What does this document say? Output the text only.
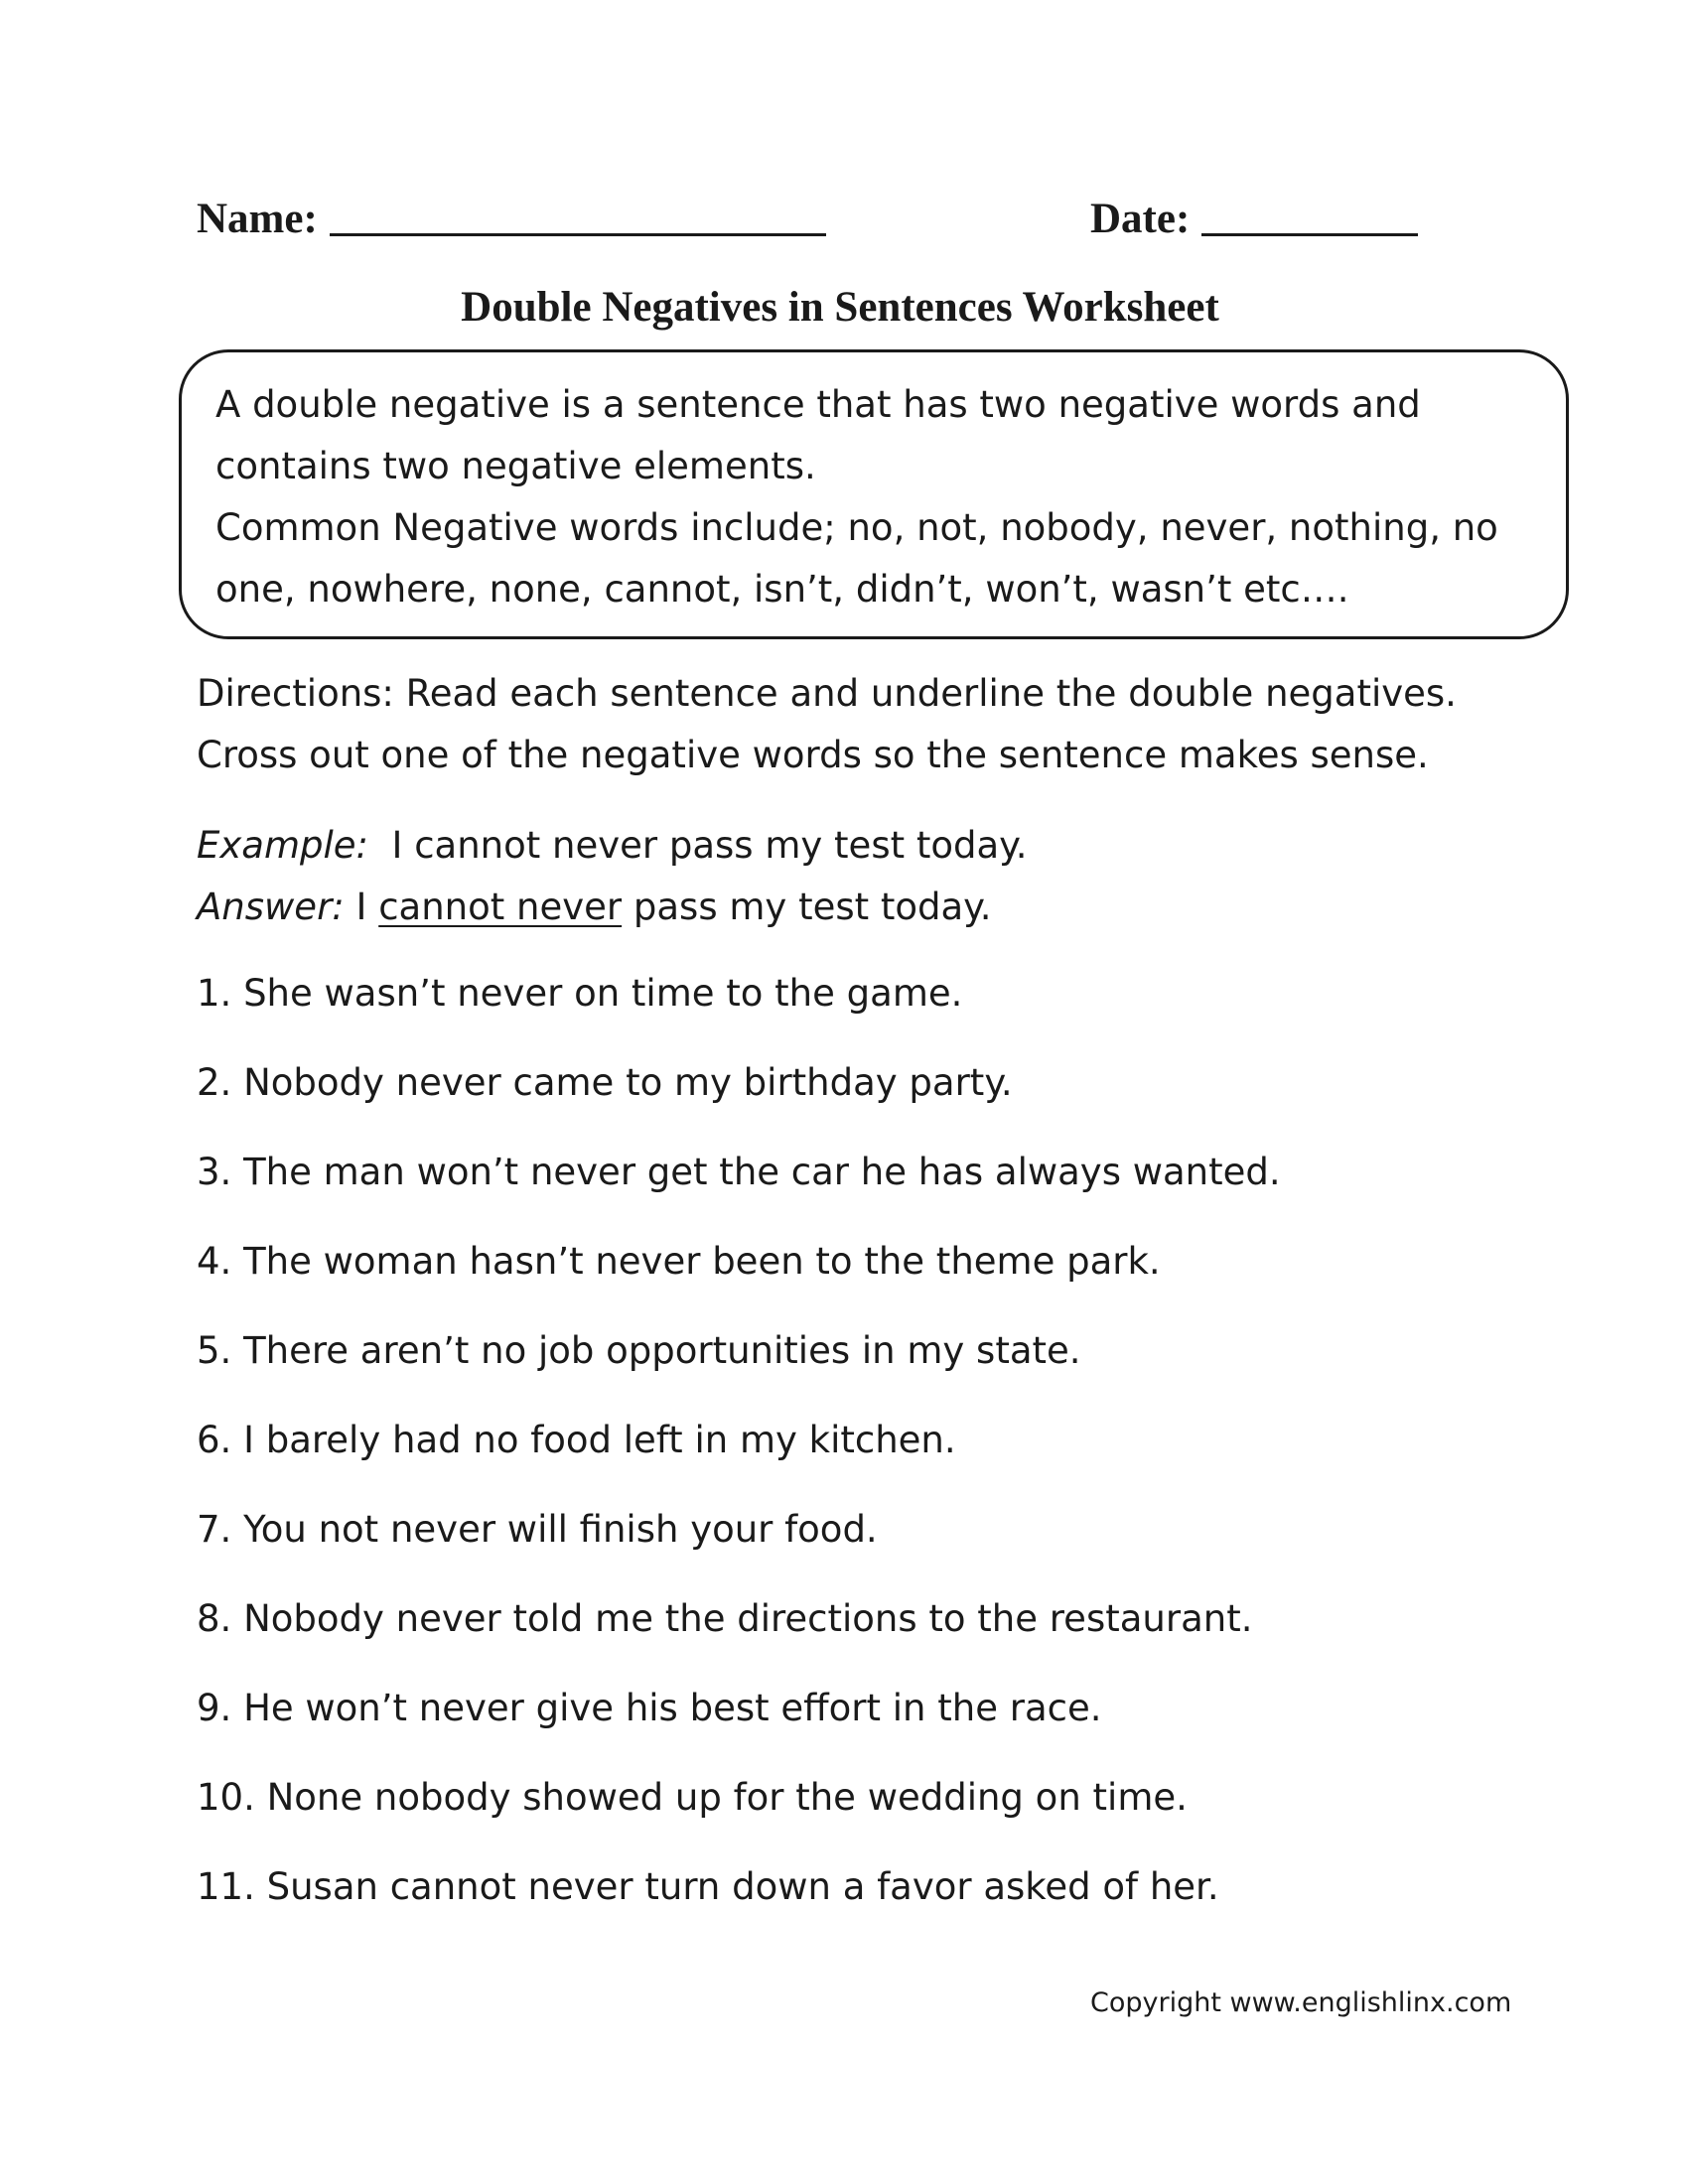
Name:	Date:
Double Negatives in Sentences Worksheet

A double negative is a sentence that has two negative words and contains two negative elements.

Common Negative words include; no, not, nobody, never, nothing, no one, nowhere, none, cannot, isn’t, didn’t, won’t, wasn’t etc….

Directions: Read each sentence and underline the double negatives.

Cross out one of the negative words so the sentence makes sense.

Example: I cannot never pass my test today.

Answer: I cannot never pass my test today.

1. She wasn’t never on time to the game.
2. Nobody never came to my birthday party.
3. The man won’t never get the car he has always wanted.
4. The woman hasn’t never been to the theme park.
5. There aren’t no job opportunities in my state.
6. I barely had no food left in my kitchen.
7. You not never will finish your food.
8. Nobody never told me the directions to the restaurant.
9. He won’t never give his best effort in the race.
10. None nobody showed up for the wedding on time.
11. Susan cannot never turn down a favor asked of her.
Copyright www.englishlinx.com
